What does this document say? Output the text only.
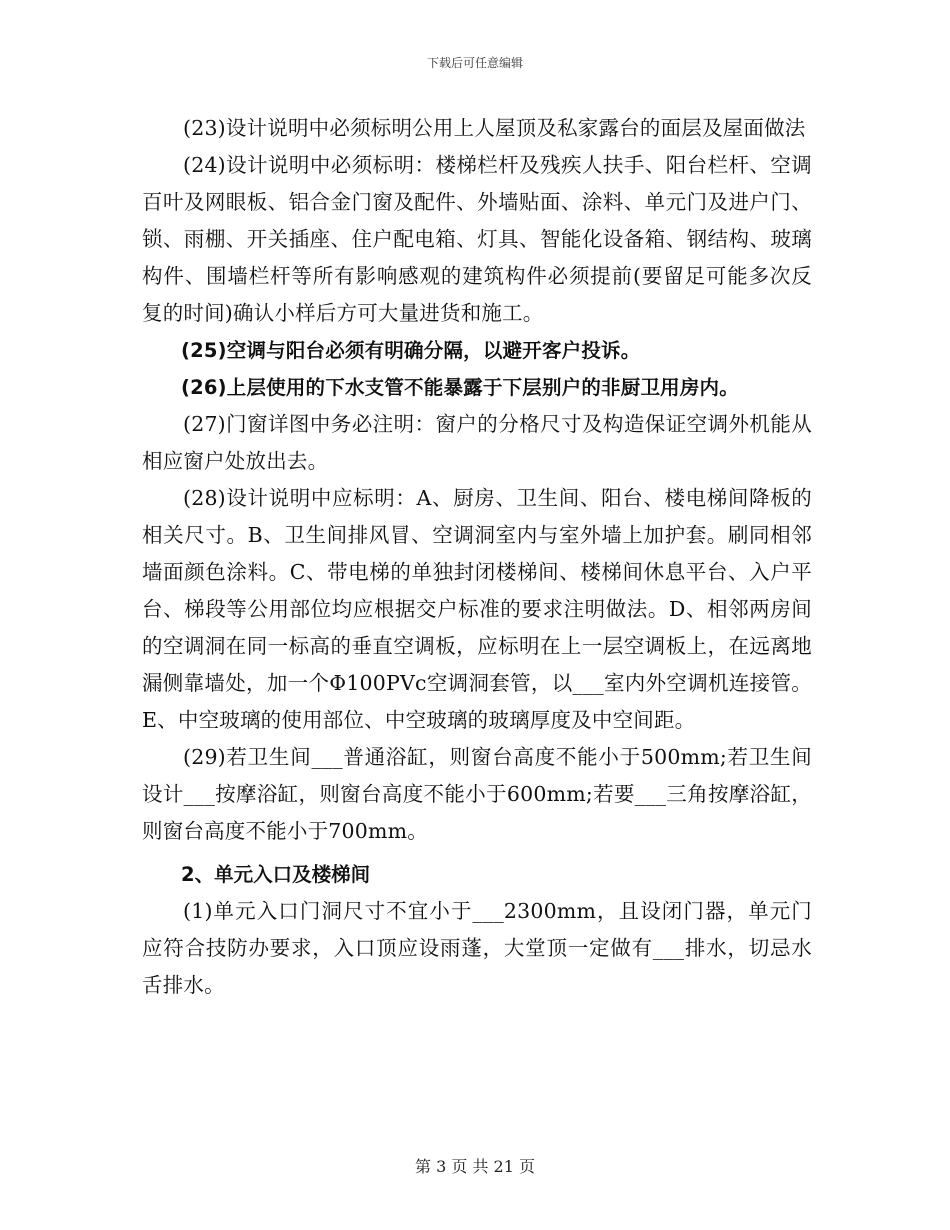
下载后可任意编辑

(23)设计说明中必须标明公用上人屋顶及私家露台的面层及屋面做法

(24)设计说明中必须标明：楼梯栏杆及残疾人扶手、阳台栏杆、空调百叶及网眼板、铝合金门窗及配件、外墙贴面、涂料、单元门及进户门、锁、雨棚、开关插座、住户配电箱、灯具、智能化设备箱、钢结构、玻璃构件、围墙栏杆等所有影响感观的建筑构件必须提前(要留足可能多次反复的时间)确认小样后方可大量进货和施工。

(25)空调与阳台必须有明确分隔，以避开客户投诉。

(26)上层使用的下水支管不能暴露于下层别户的非厨卫用房内。

(27)门窗详图中务必注明：窗户的分格尺寸及构造保证空调外机能从相应窗户处放出去。

(28)设计说明中应标明：A、厨房、卫生间、阳台、楼电梯间降板的相关尺寸。B、卫生间排风冒、空调洞室内与室外墙上加护套。刷同相邻墙面颜色涂料。C、带电梯的单独封闭楼梯间、楼梯间休息平台、入户平台、梯段等公用部位均应根据交户标准的要求注明做法。D、相邻两房间的空调洞在同一标高的垂直空调板，应标明在上一层空调板上，在远离地漏侧靠墙处，加一个Φ100PVc空调洞套管，以___室内外空调机连接管。E、中空玻璃的使用部位、中空玻璃的玻璃厚度及中空间距。

(29)若卫生间___普通浴缸，则窗台高度不能小于500mm;若卫生间设计___按摩浴缸，则窗台高度不能小于600mm;若要___三角按摩浴缸，则窗台高度不能小于700mm。

2、单元入口及楼梯间

(1)单元入口门洞尺寸不宜小于___2300mm，且设闭门器，单元门应符合技防办要求，入口顶应设雨蓬，大堂顶一定做有___排水，切忌水舌排水。

第 3 页 共 21 页
